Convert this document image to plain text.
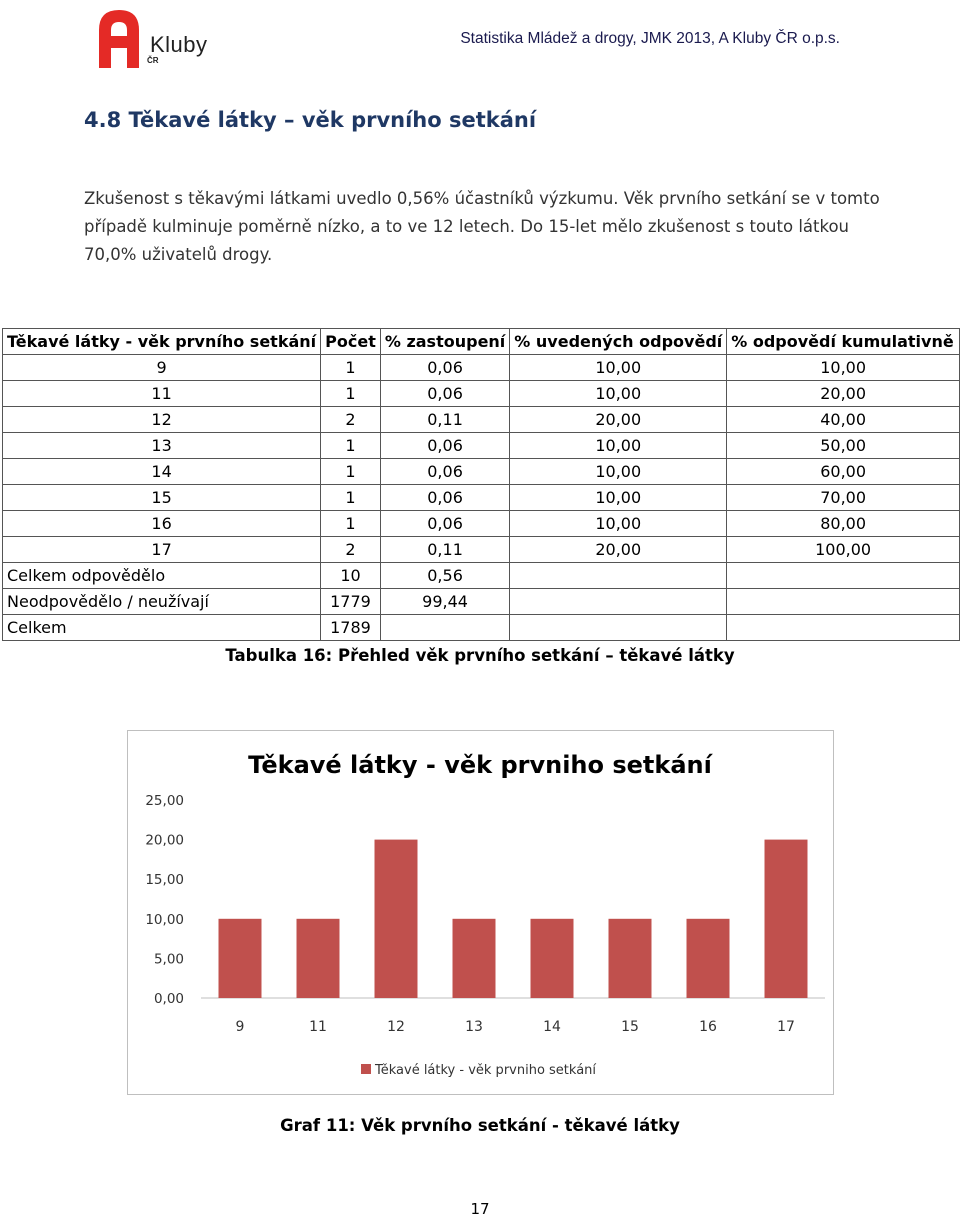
Kluby
ČR
Statistika Mládež a drogy, JMK 2013, A Kluby ČR o.p.s.
4.8 Těkavé látky – věk prvního setkání
Zkušenost s těkavými látkami uvedlo 0,56% účastníků výzkumu. Věk prvního setkání se v tomto
případě kulminuje poměrně nízko, a to ve 12 letech. Do 15-let mělo zkušenost s touto látkou
70,0% uživatelů drogy.
Těkavé látky - věk prvního setkání	Počet	% zastoupení	% uvedených odpovědí	% odpovědí kumulativně
9	1	0,06	10,00	10,00
11	1	0,06	10,00	20,00
12	2	0,11	20,00	40,00
13	1	0,06	10,00	50,00
14	1	0,06	10,00	60,00
15	1	0,06	10,00	70,00
16	1	0,06	10,00	80,00
17	2	0,11	20,00	100,00
Celkem odpovědělo	10	0,56		
Neodpovědělo / neužívají	1779	99,44		
Celkem	1789			
Tabulka 16: Přehled věk prvního setkání – těkavé látky
Těkavé látky - věk prvniho setkání
0,00
5,00
10,00
15,00
20,00
25,00
9	11	12	13	14	15	16	17
Těkavé látky - věk prvniho setkání
Graf 11: Věk prvního setkání - těkavé látky
17
